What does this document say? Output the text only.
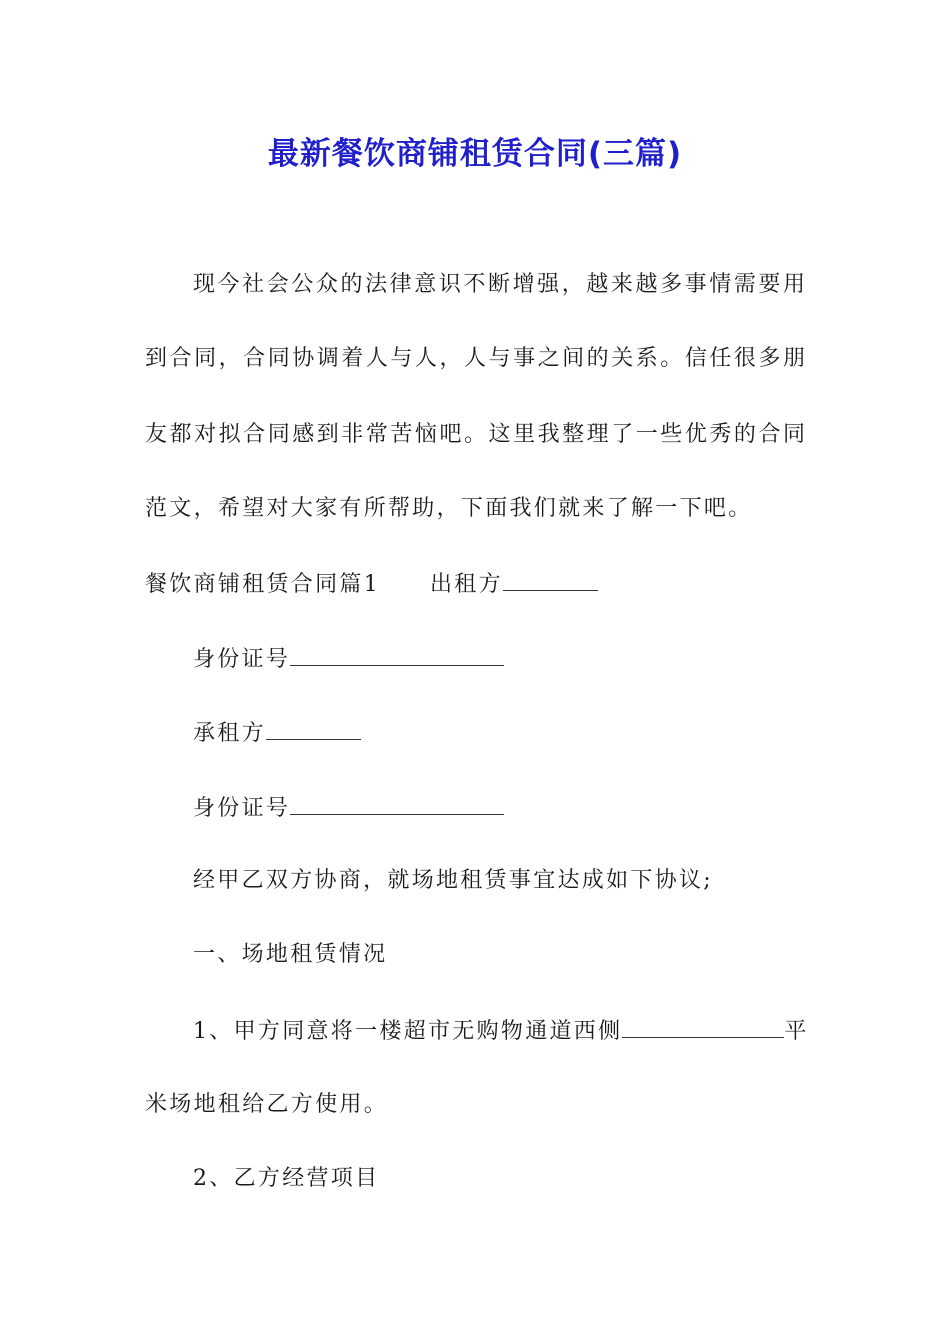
最新餐饮商铺租赁合同(三篇)

现今社会公众的法律意识不断增强，越来越多事情需要用

到合同，合同协调着人与人，人与事之间的关系。信任很多朋

友都对拟合同感到非常苦恼吧。这里我整理了一些优秀的合同

范文，希望对大家有所帮助，下面我们就来了解一下吧。

餐饮商铺租赁合同篇1 出租方

身份证号

承租方

身份证号

经甲乙双方协商，就场地租赁事宜达成如下协议;

一、场地租赁情况

1、甲方同意将一楼超市无购物通道西侧	平

米场地租给乙方使用。

2、乙方经营项目
